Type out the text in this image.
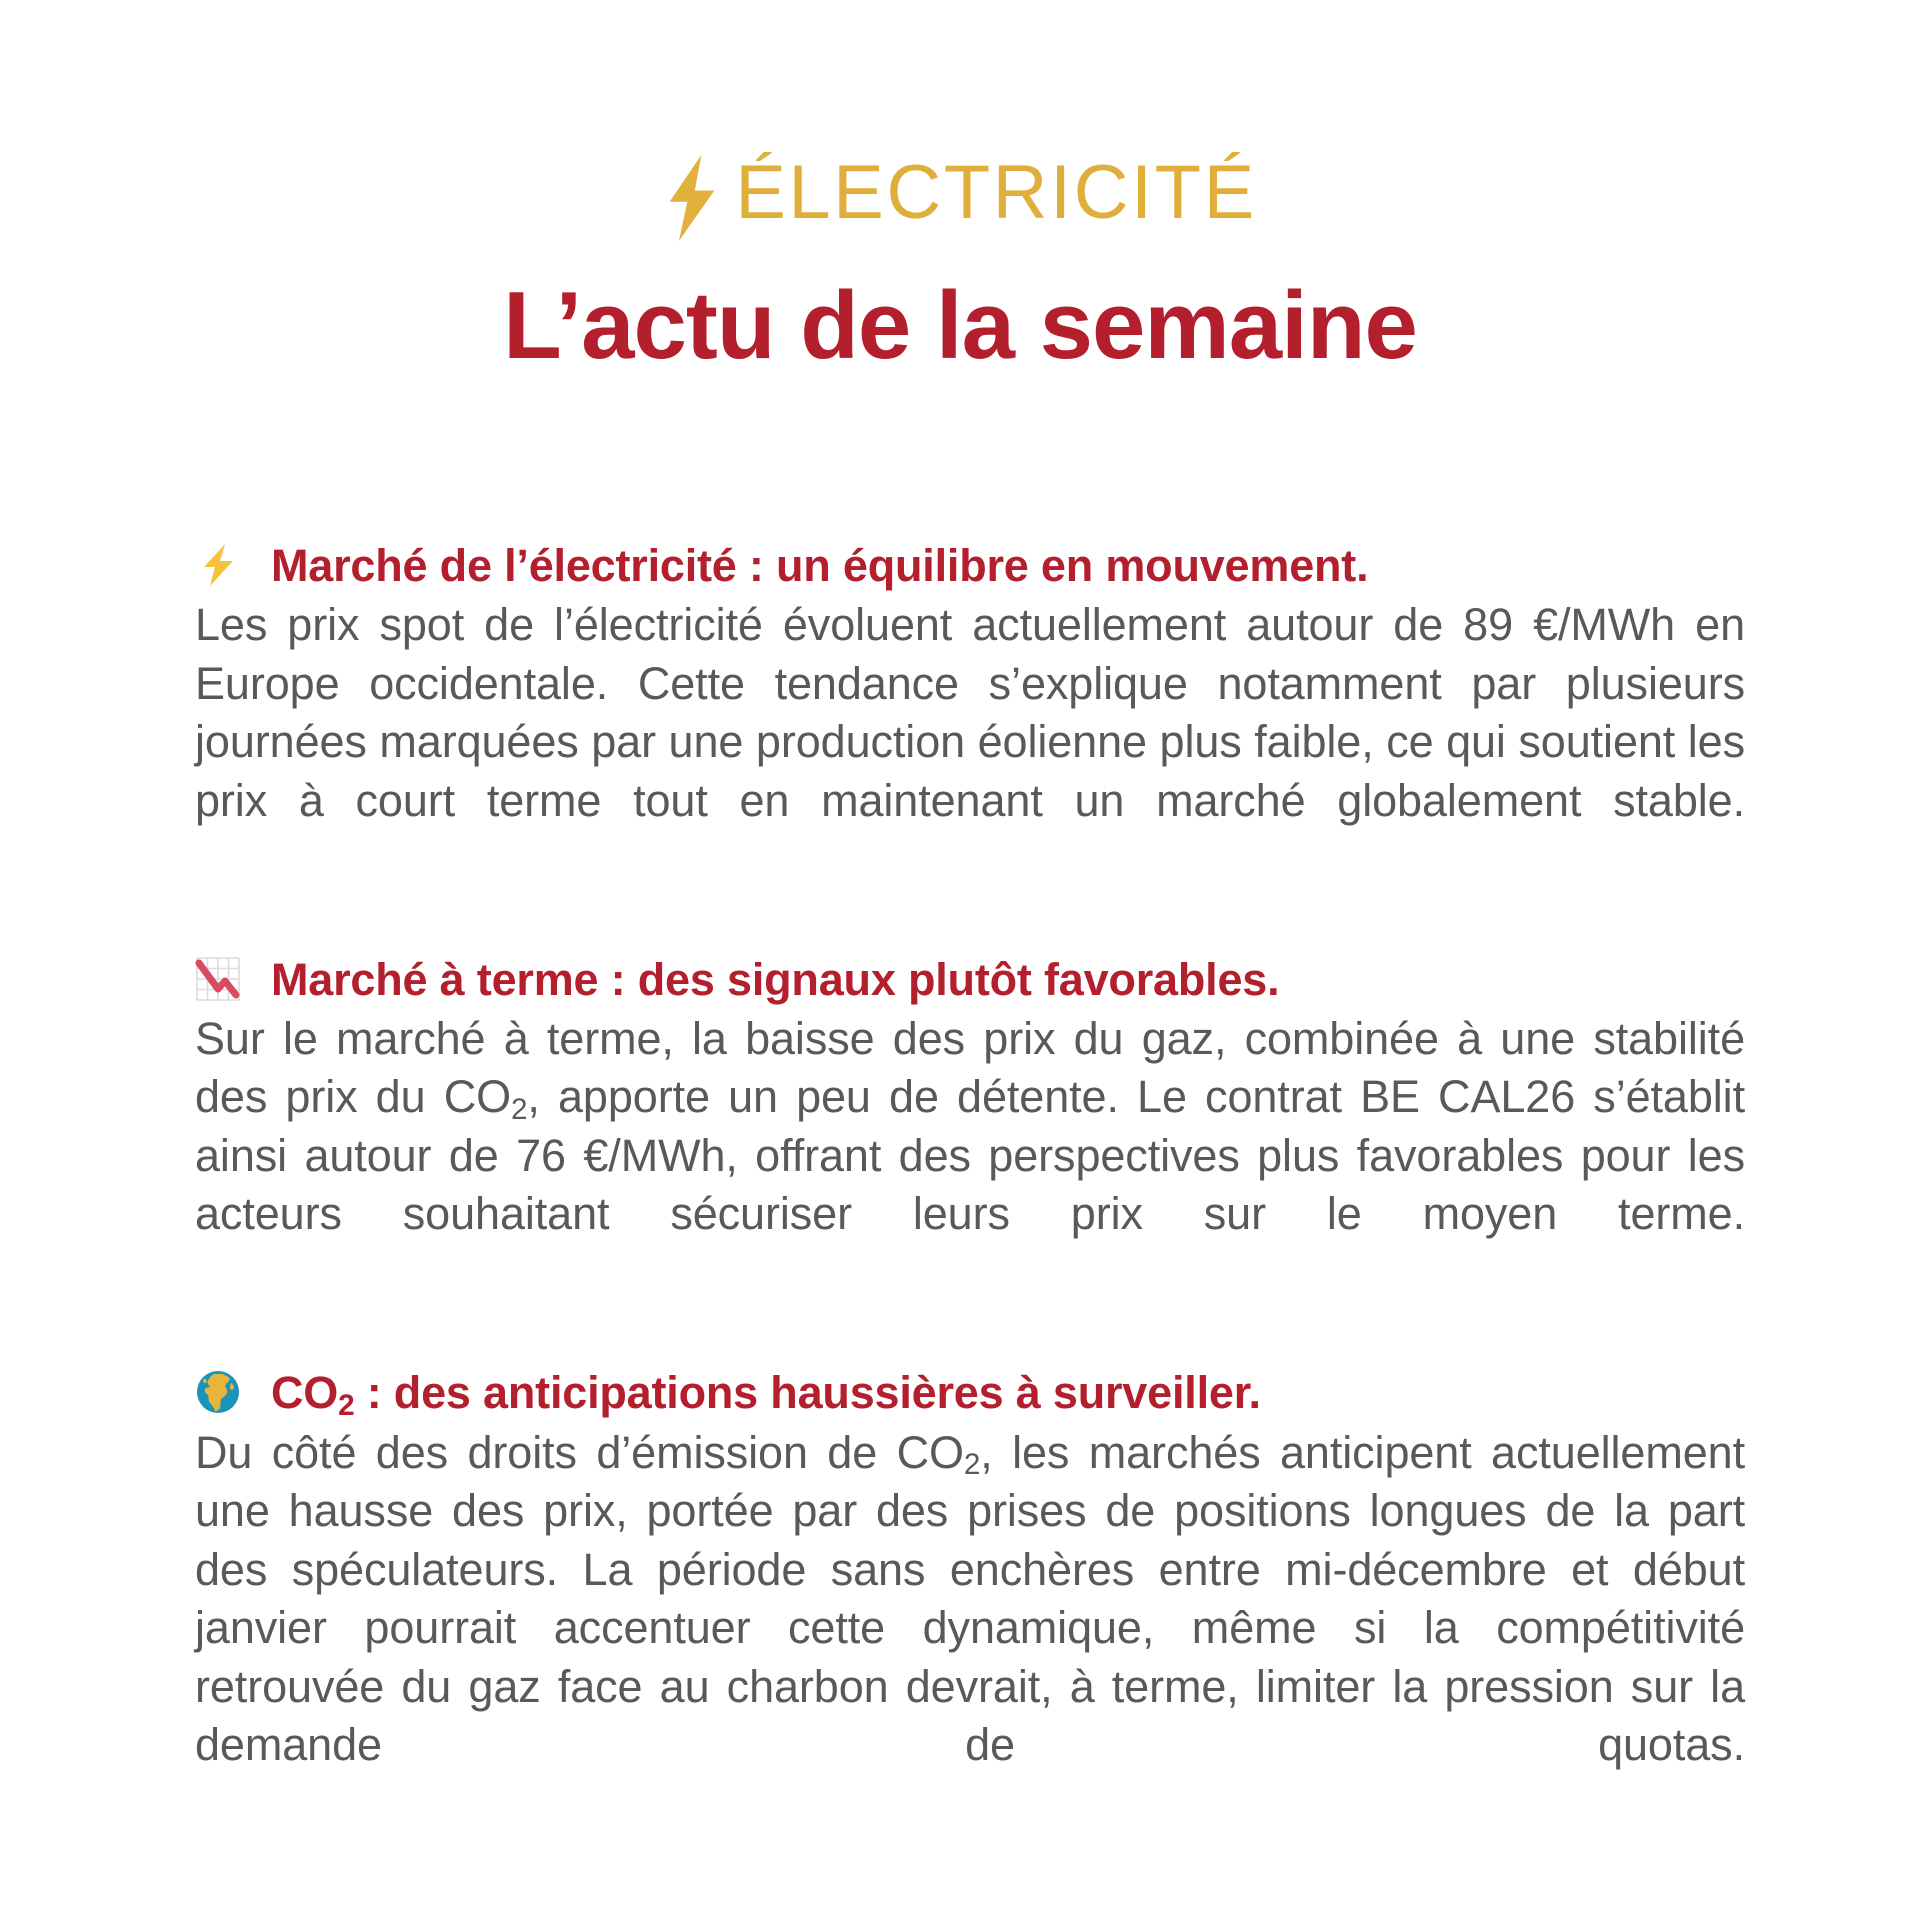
ÉLECTRICITÉ
L’actu de la semaine
Marché de l’électricité : un équilibre en mouvement.

Les prix spot de l’électricité évoluent actuellement autour de 89 €/MWh en Europe occidentale. Cette tendance s’explique notamment par plusieurs journées marquées par une production éolienne plus faible, ce qui soutient les prix à court terme tout en maintenant un marché globalement stable.

Marché à terme : des signaux plutôt favorables.

Sur le marché à terme, la baisse des prix du gaz, combinée à une stabilité des prix du $CO_2$, apporte un peu de détente. Le contrat BE CAL26 s’établit ainsi autour de 76 €/MWh, offrant des perspectives plus favorables pour les acteurs souhaitant sécuriser leurs prix sur le moyen terme.

$CO_2$ : des anticipations haussières à surveiller.

Du côté des droits d’émission de $CO_2$, les marchés anticipent actuellement une hausse des prix, portée par des prises de positions longues de la part des spéculateurs. La période sans enchères entre mi-décembre et début janvier pourrait accentuer cette dynamique, même si la compétitivité retrouvée du gaz face au charbon devrait, à terme, limiter la pression sur la demande de quotas.
